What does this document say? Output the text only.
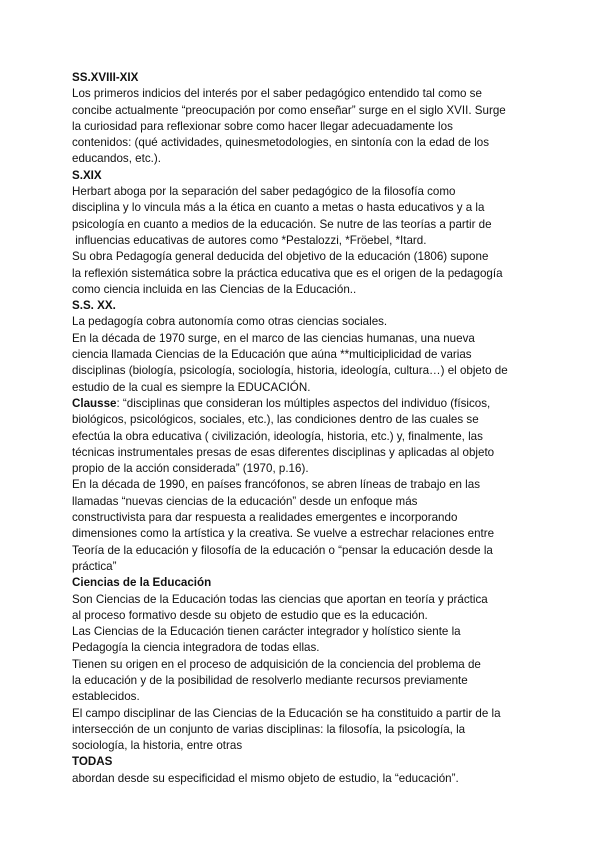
SS.XVIII-XIX
Los primeros indicios del interés por el saber pedagógico entendido tal como se
concibe actualmente “preocupación por como enseñar” surge en el siglo XVII. Surge
la curiosidad para reflexionar sobre como hacer llegar adecuadamente los
contenidos: (qué actividades, quinesmetodologies, en sintonía con la edad de los
educandos, etc.).
S.XIX
Herbart aboga por la separación del saber pedagógico de la filosofía como
disciplina y lo vincula más a la ética en cuanto a metas o hasta educativos y a la
psicología en cuanto a medios de la educación. Se nutre de las teorías a partir de
influencias educativas de autores como *Pestalozzi, *Fröebel, *Itard.
Su obra Pedagogía general deducida del objetivo de la educación (1806) supone
la reflexión sistemática sobre la práctica educativa que es el origen de la pedagogía
como ciencia incluida en las Ciencias de la Educación..
S.S. XX.
La pedagogía cobra autonomía como otras ciencias sociales.
En la década de 1970 surge, en el marco de las ciencias humanas, una nueva
ciencia llamada Ciencias de la Educación que aúna **multiciplicidad de varias
disciplinas (biología, psicología, sociología, historia, ideología, cultura…) el objeto de
estudio de la cual es siempre la EDUCACIÓN.
Clausse: “disciplinas que consideran los múltiples aspectos del individuo (físicos,
biológicos, psicológicos, sociales, etc.), las condiciones dentro de las cuales se
efectúa la obra educativa ( civilización, ideología, historia, etc.) y, finalmente, las
técnicas instrumentales presas de esas diferentes disciplinas y aplicadas al objeto
propio de la acción considerada” (1970, p.16).
En la década de 1990, en países francófonos, se abren líneas de trabajo en las
llamadas “nuevas ciencias de la educación” desde un enfoque más
constructivista para dar respuesta a realidades emergentes e incorporando
dimensiones como la artística y la creativa. Se vuelve a estrechar relaciones entre
Teoría de la educación y filosofía de la educación o “pensar la educación desde la
práctica”
Ciencias de la Educación
Son Ciencias de la Educación todas las ciencias que aportan en teoría y práctica
al proceso formativo desde su objeto de estudio que es la educación.
Las Ciencias de la Educación tienen carácter integrador y holístico siente la
Pedagogía la ciencia integradora de todas ellas.
Tienen su origen en el proceso de adquisición de la conciencia del problema de
la educación y de la posibilidad de resolverlo mediante recursos previamente
establecidos.
El campo disciplinar de las Ciencias de la Educación se ha constituido a partir de la
intersección de un conjunto de varias disciplinas: la filosofía, la psicología, la
sociología, la historia, entre otras
TODAS
abordan desde su especificidad el mismo objeto de estudio, la “educación”.
